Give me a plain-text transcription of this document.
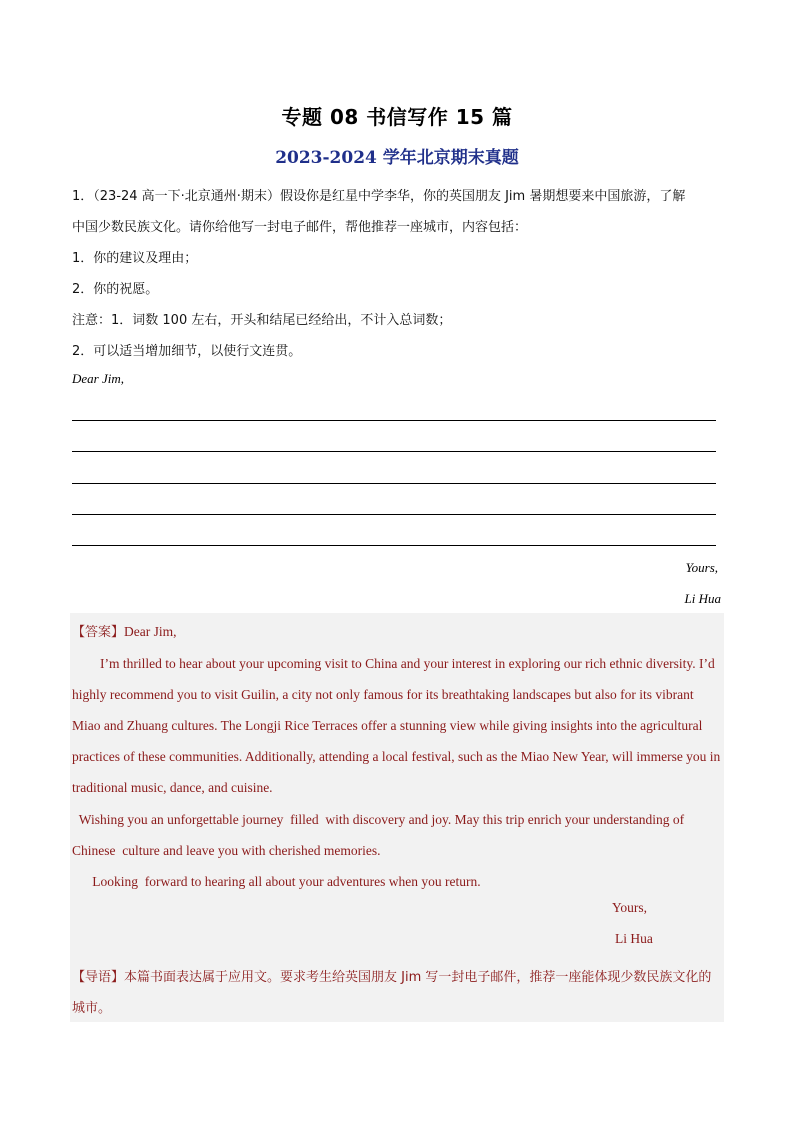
专题 08 书信写作 15 篇
2023-2024 学年北京期末真题

1．（23-24 高一下·北京通州·期末）假设你是红星中学李华，你的英国朋友 Jim 暑期想要来中国旅游，了解

中国少数民族文化。请你给他写一封电子邮件，帮他推荐一座城市，内容包括：

1．你的建议及理由；

2．你的祝愿。

注意：1．词数 100 左右，开头和结尾已经给出，不计入总词数；

2．可以适当增加细节，以使行文连贯。

Dear Jim,
Yours,
Li Hua
【答案】Dear Jim,

I’m thrilled to hear about your upcoming visit to China and your interest in exploring our rich ethnic diversity. I’d highly recommend you to visit Guilin, a city not only famous for its breathtaking landscapes but also for its vibrant Miao and Zhuang cultures. The Longji Rice Terraces offer a stunning view while giving insights into the agricultural practices of these communities. Additionally, attending a local festival, such as the Miao New Year, will immerse you in traditional music, dance, and cuisine.

Wishing you an unforgettable journey  filled  with discovery and joy. May this trip enrich your understanding of Chinese  culture and leave you with cherished memories.

Looking  forward to hearing all about your adventures when you return.

Yours,
Li Hua
【导语】本篇书面表达属于应用文。要求考生给英国朋友 Jim 写一封电子邮件，推荐一座能体现少数民族文化的城市。
